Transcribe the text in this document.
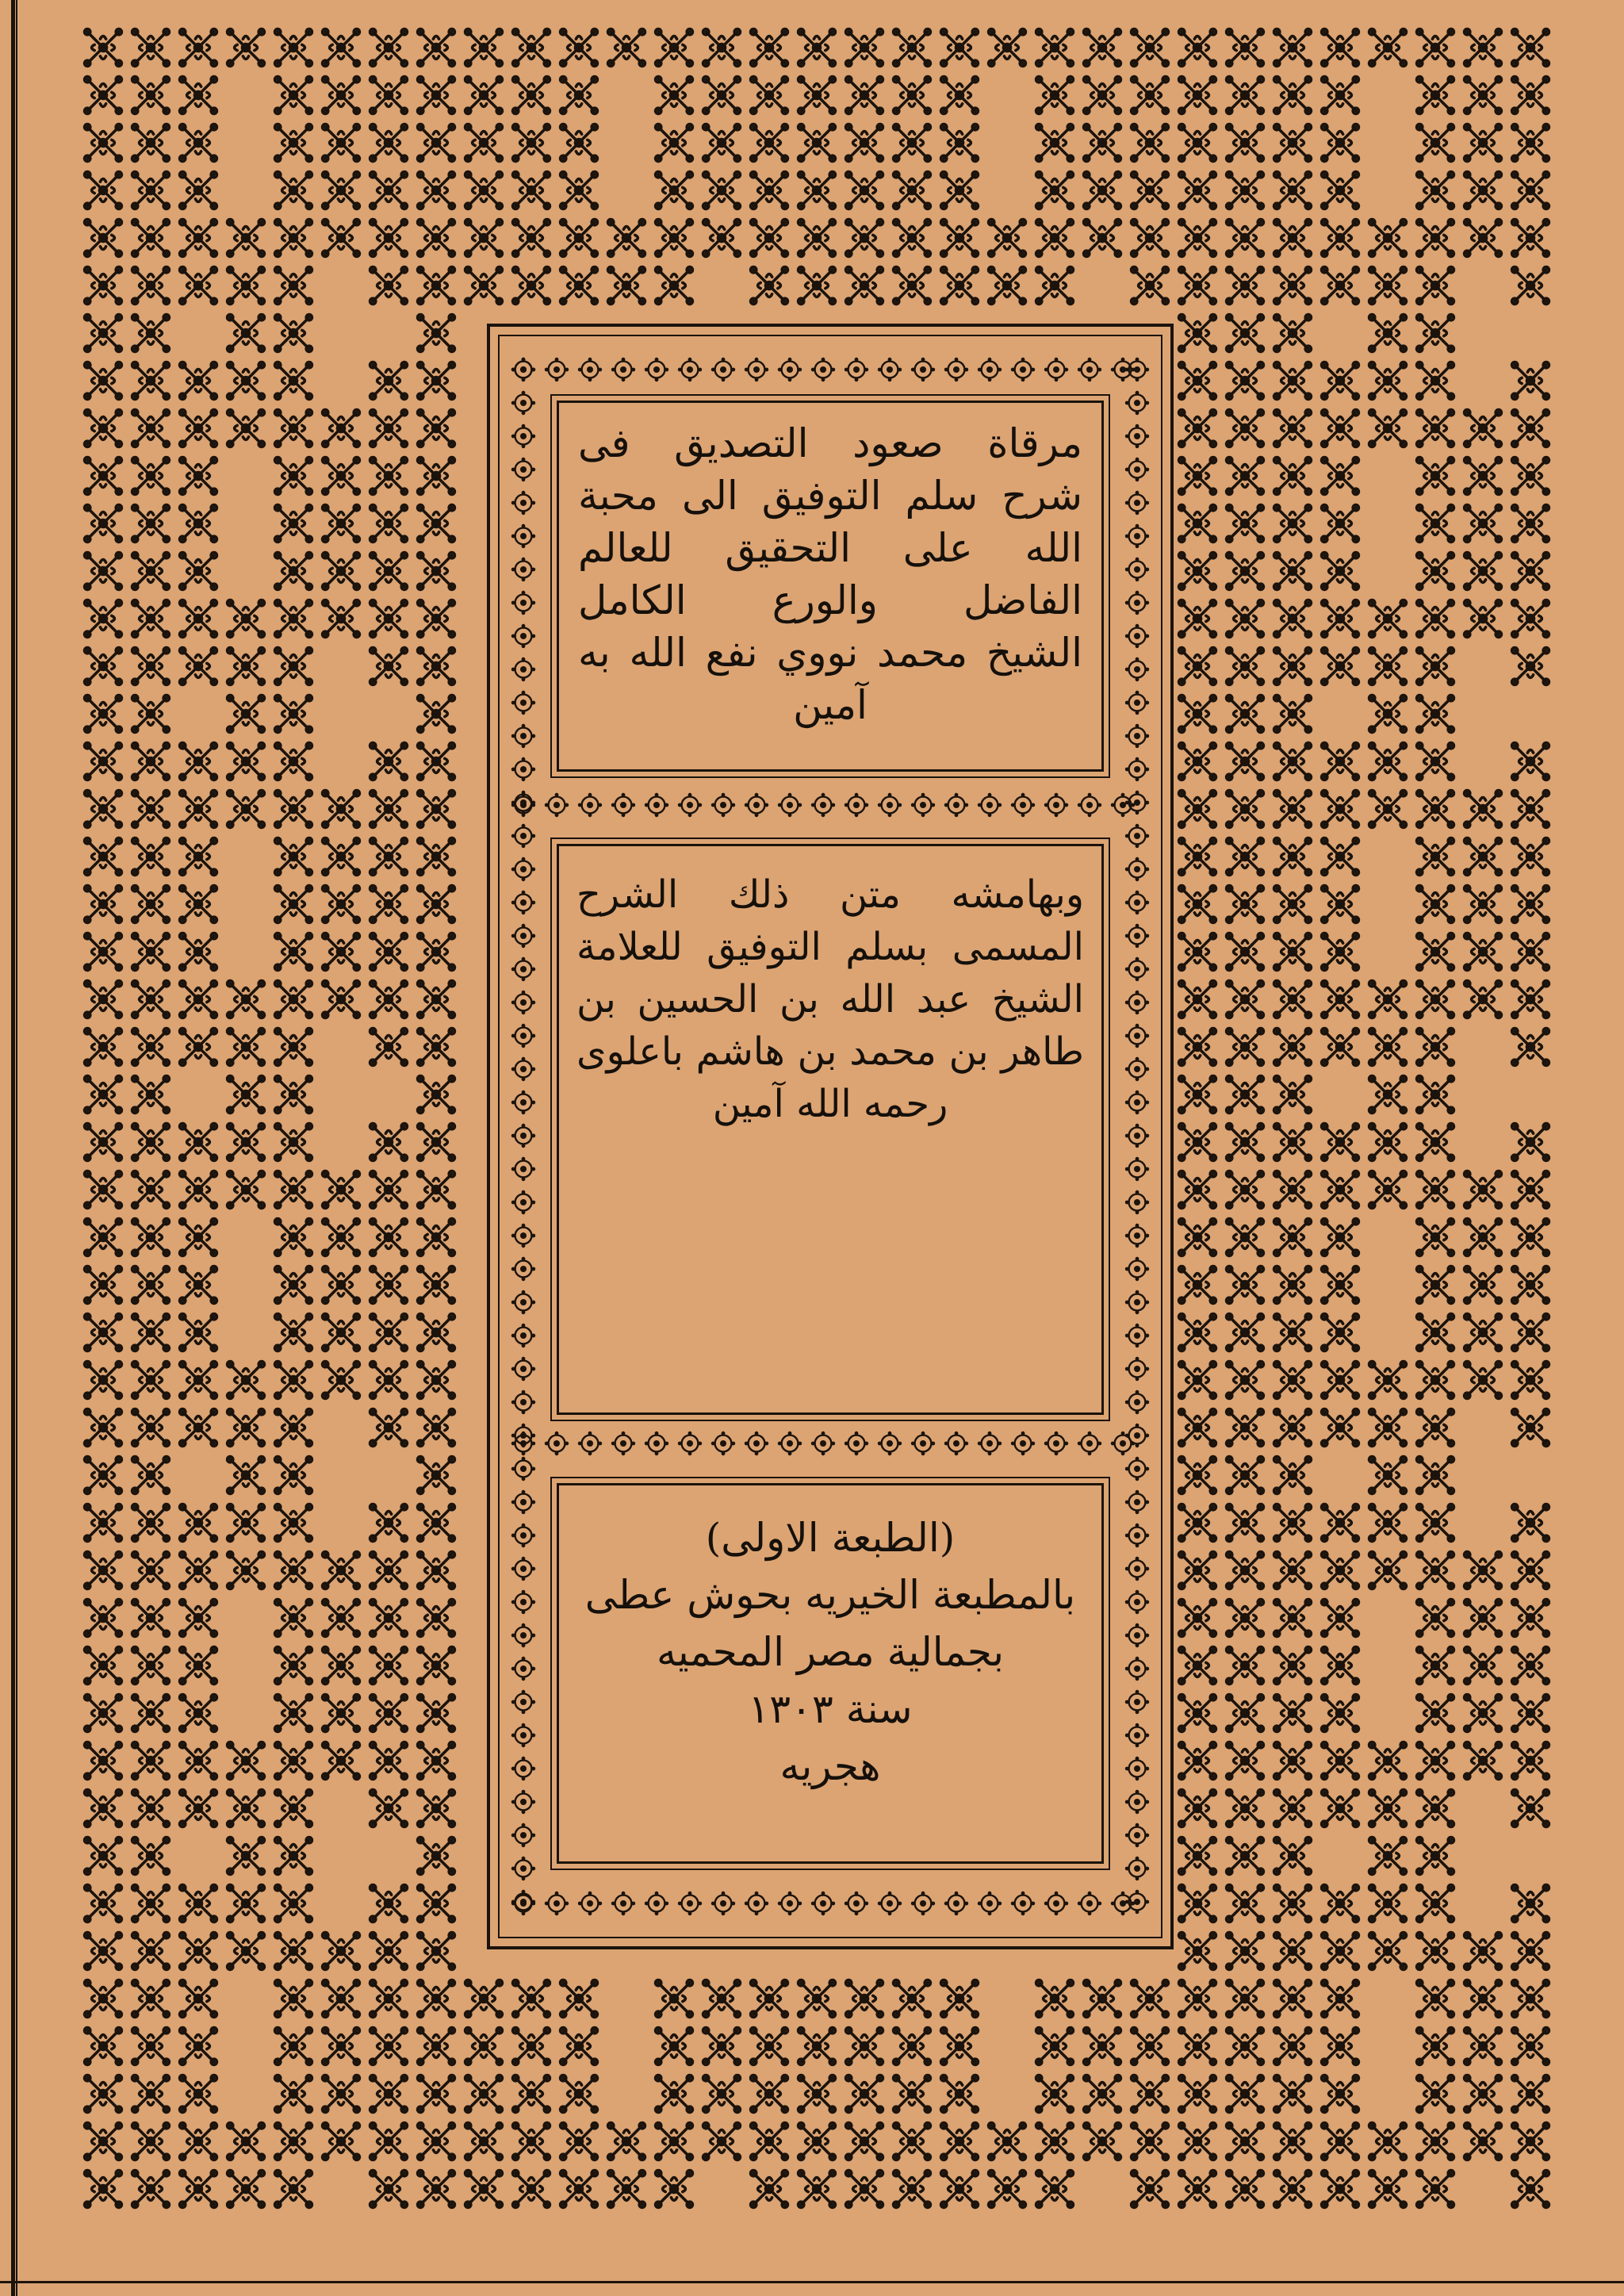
مرقاة صعود التصديق فى
شرح سلم التوفيق الى محبة
الله على التحقيق للعالم
الفاضل والورع الكامل
الشيخ محمد نووي نفع الله به
آمين
وبهامشه متن ذلك الشرح
المسمى بسلم التوفيق للعلامة
الشيخ عبد الله بن الحسين بن
طاهر بن محمد بن هاشم باعلوى
رحمه الله آمين
(الطبعة الاولى)
بالمطبعة الخيريه بحوش عطى
بجمالية مصر المحميه
سنة ١٣٠٣
هجريه
